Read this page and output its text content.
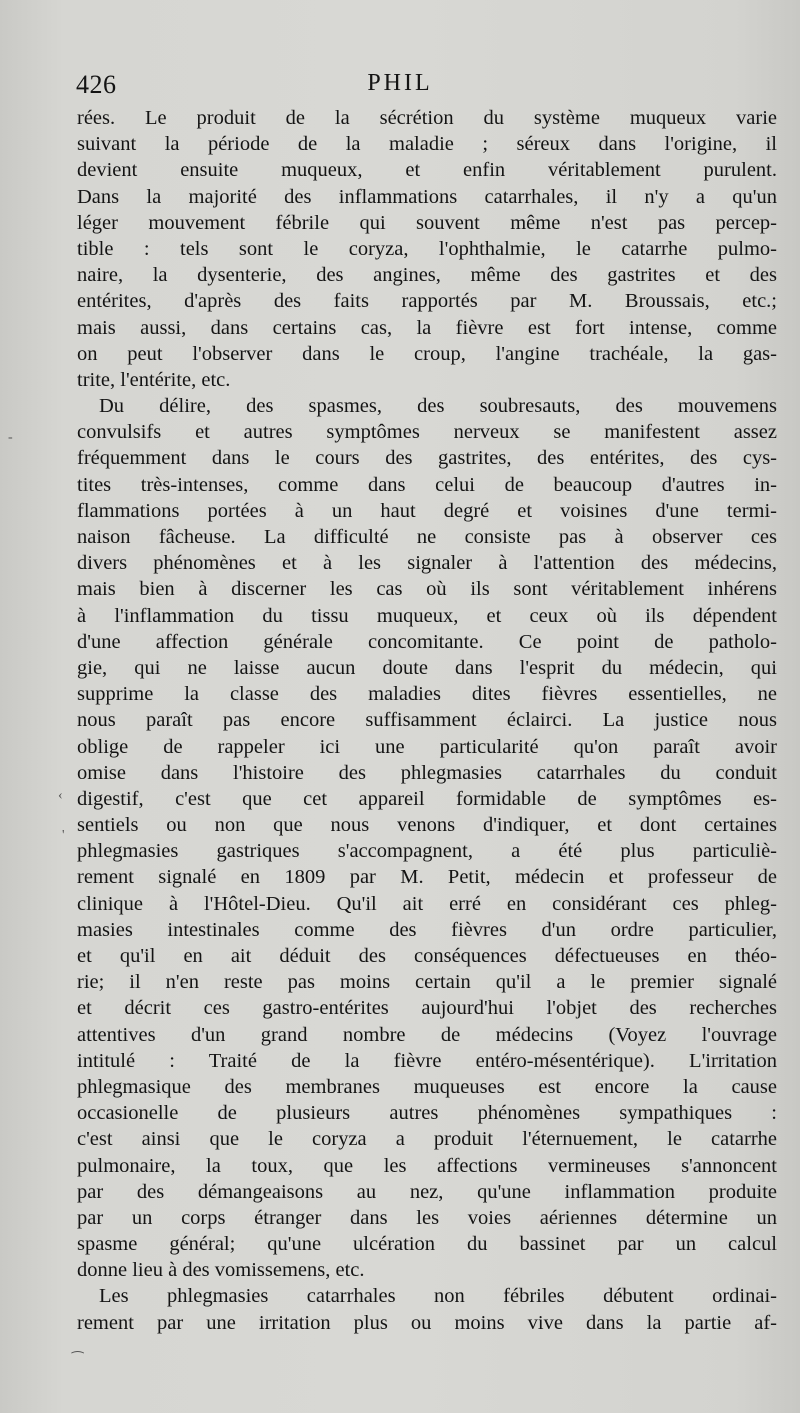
426	PHIL
rées. Le produit de la sécrétion du système muqueux varie
suivant la période de la maladie ; séreux dans l'origine, il
devient ensuite muqueux, et enfin véritablement purulent.
Dans la majorité des inflammations catarrhales, il n'y a qu'un
léger mouvement fébrile qui souvent même n'est pas percep-
tible : tels sont le coryza, l'ophthalmie, le catarrhe pulmo-
naire, la dysenterie, des angines, même des gastrites et des
entérites, d'après des faits rapportés par M. Broussais, etc.;
mais aussi, dans certains cas, la fièvre est fort intense, comme
on peut l'observer dans le croup, l'angine trachéale, la gas-
trite, l'entérite, etc.
Du délire, des spasmes, des soubresauts, des mouvemens
convulsifs et autres symptômes nerveux se manifestent assez
fréquemment dans le cours des gastrites, des entérites, des cys-
tites très-intenses, comme dans celui de beaucoup d'autres in-
flammations portées à un haut degré et voisines d'une termi-
naison fâcheuse. La difficulté ne consiste pas à observer ces
divers phénomènes et à les signaler à l'attention des médecins,
mais bien à discerner les cas où ils sont véritablement inhérens
à l'inflammation du tissu muqueux, et ceux où ils dépendent
d'une affection générale concomitante. Ce point de patholo-
gie, qui ne laisse aucun doute dans l'esprit du médecin, qui
supprime la classe des maladies dites fièvres essentielles, ne
nous paraît pas encore suffisamment éclairci. La justice nous
oblige de rappeler ici une particularité qu'on paraît avoir
omise dans l'histoire des phlegmasies catarrhales du conduit
digestif, c'est que cet appareil formidable de symptômes es-
sentiels ou non que nous venons d'indiquer, et dont certaines
phlegmasies gastriques s'accompagnent, a été plus particuliè-
rement signalé en 1809 par M. Petit, médecin et professeur de
clinique à l'Hôtel-Dieu. Qu'il ait erré en considérant ces phleg-
masies intestinales comme des fièvres d'un ordre particulier,
et qu'il en ait déduit des conséquences défectueuses en théo-
rie; il n'en reste pas moins certain qu'il a le premier signalé
et décrit ces gastro-entérites aujourd'hui l'objet des recherches
attentives d'un grand nombre de médecins (Voyez l'ouvrage
intitulé : Traité de la fièvre entéro-mésentérique). L'irritation
phlegmasique des membranes muqueuses est encore la cause
occasionelle de plusieurs autres phénomènes sympathiques :
c'est ainsi que le coryza a produit l'éternuement, le catarrhe
pulmonaire, la toux, que les affections vermineuses s'annoncent
par des démangeaisons au nez, qu'une inflammation produite
par un corps étranger dans les voies aériennes détermine un
spasme général; qu'une ulcération du bassinet par un calcul
donne lieu à des vomissemens, etc.
Les phlegmasies catarrhales non fébriles débutent ordinai-
rement par une irritation plus ou moins vive dans la partie af-
‐
‹
'
⁀
